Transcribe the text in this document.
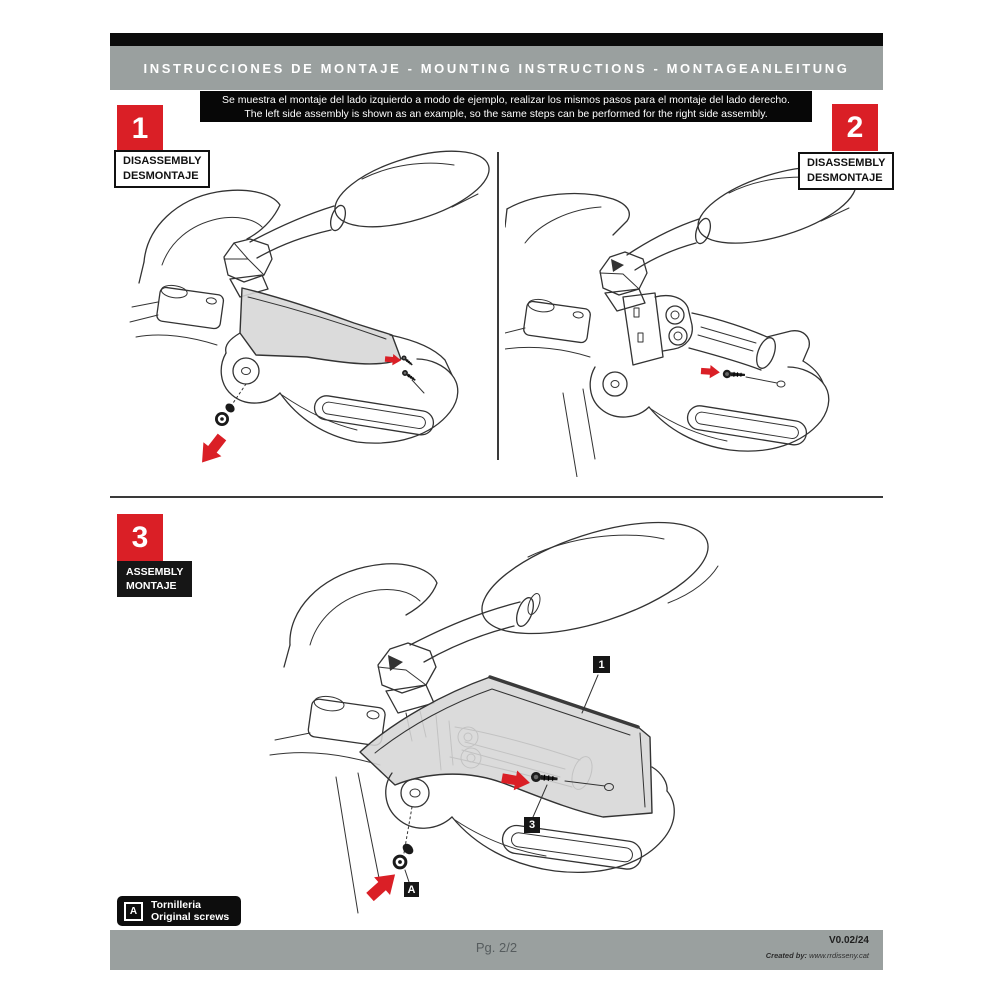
INSTRUCCIONES DE MONTAJE - MOUNTING INSTRUCTIONS - MONTAGEANLEITUNG
Se muestra el montaje del lado izquierdo a modo de ejemplo, realizar los mismos pasos para el montaje del lado derecho.
The left side assembly is shown as an example, so the same steps can be performed for the right side assembly.
1
DISASSEMBLY
DESMONTAJE
2
DISASSEMBLY
DESMONTAJE
3
ASSEMBLY
MONTAJE
1
3
A
A	Tornilleria
Original screws
Pg. 2/2	V0.02/24
Created by: www.rrdisseny.cat
